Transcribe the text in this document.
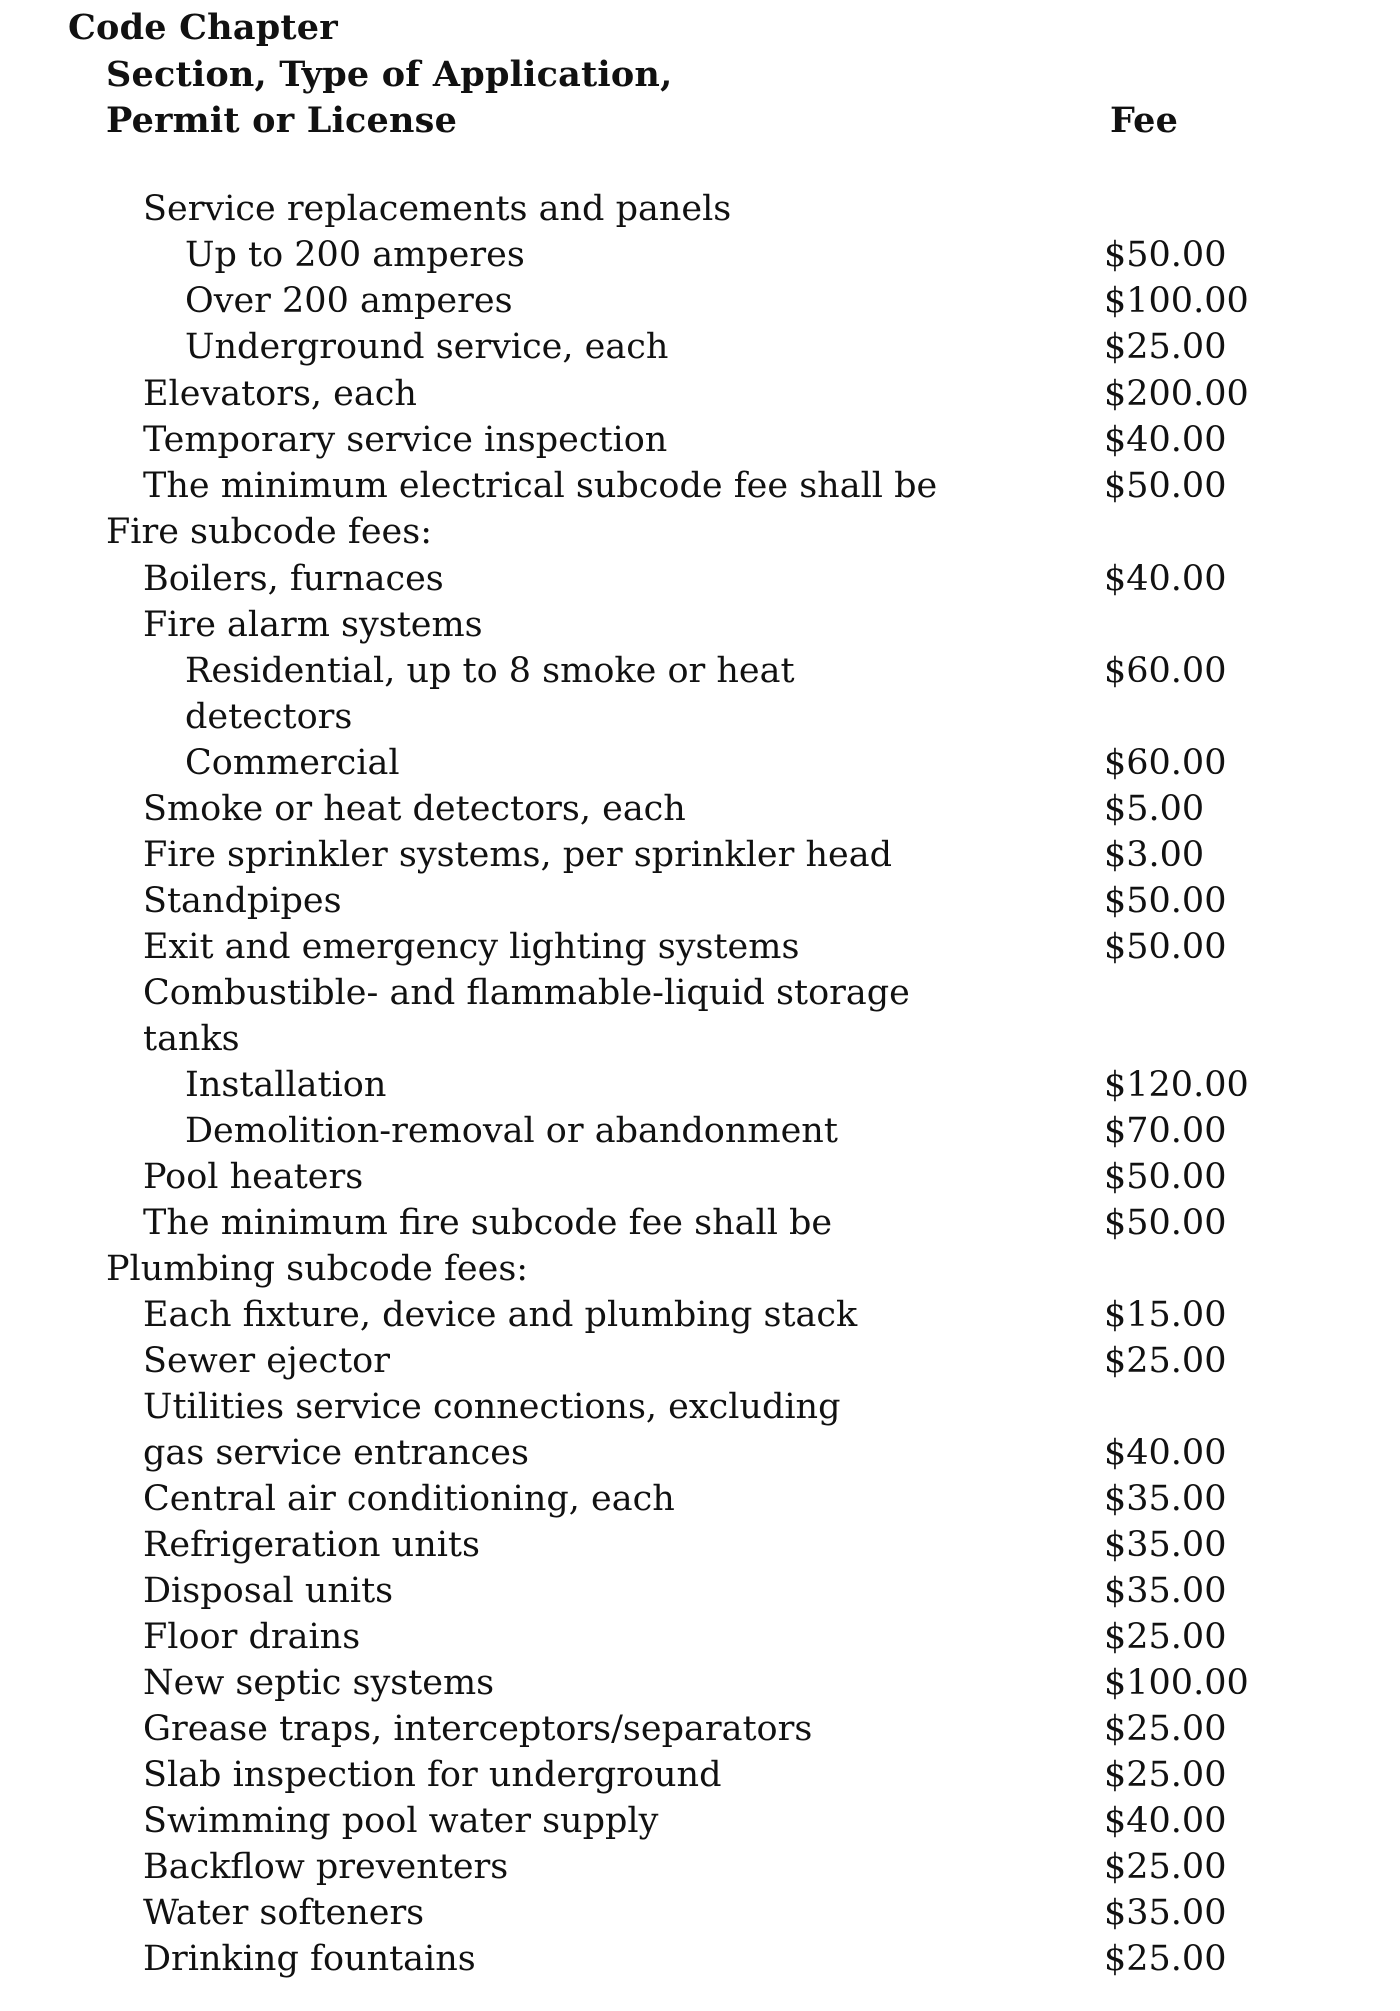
Code Chapter
Section, Type of Application,
Permit or License	Fee
Service replacements and panels
Up to 200 amperes	$50.00
Over 200 amperes	$100.00
Underground service, each	$25.00
Elevators, each	$200.00
Temporary service inspection	$40.00
The minimum electrical subcode fee shall be	$50.00
Fire subcode fees:
Boilers, furnaces	$40.00
Fire alarm systems
Residential, up to 8 smoke or heat	$60.00
detectors
Commercial	$60.00
Smoke or heat detectors, each	$5.00
Fire sprinkler systems, per sprinkler head	$3.00
Standpipes	$50.00
Exit and emergency lighting systems	$50.00
Combustible- and flammable-liquid storage
tanks
Installation	$120.00
Demolition-removal or abandonment	$70.00
Pool heaters	$50.00
The minimum fire subcode fee shall be	$50.00
Plumbing subcode fees:
Each fixture, device and plumbing stack	$15.00
Sewer ejector	$25.00
Utilities service connections, excluding
gas service entrances	$40.00
Central air conditioning, each	$35.00
Refrigeration units	$35.00
Disposal units	$35.00
Floor drains	$25.00
New septic systems	$100.00
Grease traps, interceptors/separators	$25.00
Slab inspection for underground	$25.00
Swimming pool water supply	$40.00
Backflow preventers	$25.00
Water softeners	$35.00
Drinking fountains	$25.00
